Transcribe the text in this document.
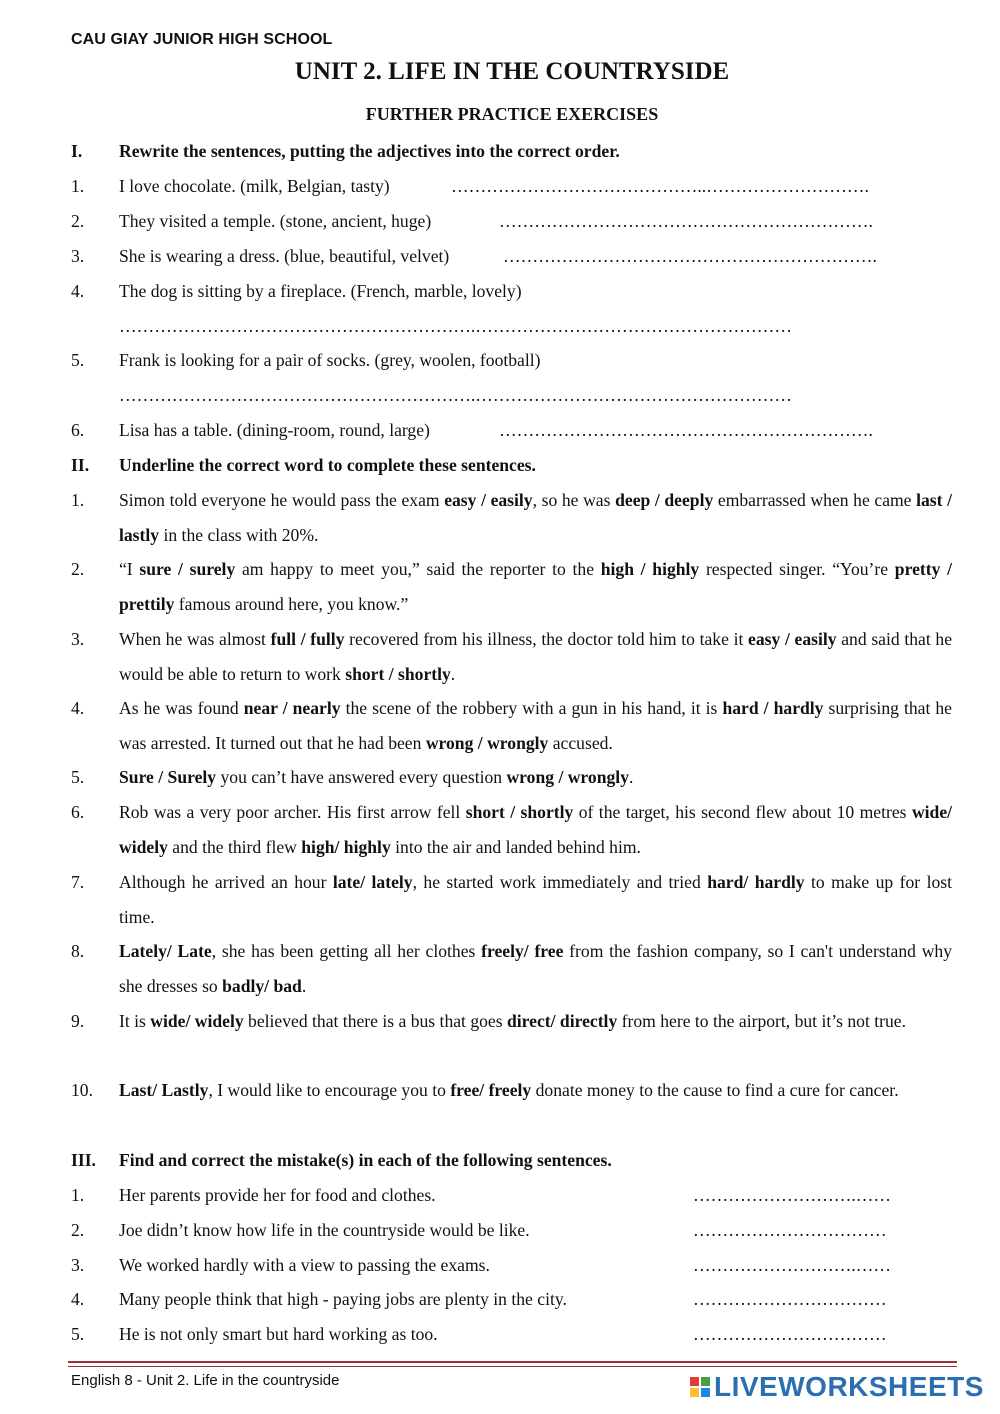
CAU GIAY JUNIOR HIGH SCHOOL
UNIT 2. LIFE IN THE COUNTRYSIDE
FURTHER PRACTICE EXERCISES
I. Rewrite the sentences, putting the adjectives into the correct order.
1. I love chocolate. (milk, Belgian, tasty)	……………………………………..……………………….
2. They visited a temple. (stone, ancient, huge)	……………………………………………………….
3. She is wearing a dress. (blue, beautiful, velvet)	……………………………………………………….
4. The dog is sitting by a fireplace. (French, marble, lovely)
…………………………………………………….………………………………………………
5. Frank is looking for a pair of socks. (grey, woolen, football)
…………………………………………………….………………………………………………
6. Lisa has a table. (dining-room, round, large)	……………………………………………………….
II. Underline the correct word to complete these sentences.
1. Simon told everyone he would pass the exam easy / easily, so he was deep / deeply embarrassed when he came last / lastly in the class with 20%.
2. “I sure / surely am happy to meet you,” said the reporter to the high / highly respected singer. “You’re pretty / prettily famous around here, you know.”
3. When he was almost full / fully recovered from his illness, the doctor told him to take it easy / easily and said that he would be able to return to work short / shortly.
4. As he was found near / nearly the scene of the robbery with a gun in his hand, it is hard / hardly surprising that he was arrested. It turned out that he had been wrong / wrongly accused.
5. Sure / Surely you can’t have answered every question wrong / wrongly.
6. Rob was a very poor archer. His first arrow fell short / shortly of the target, his second flew about 10 metres wide/ widely and the third flew high/ highly into the air and landed behind him.
7. Although he arrived an hour late/ lately, he started work immediately and tried hard/ hardly to make up for lost time.
8. Lately/ Late, she has been getting all her clothes freely/ free from the fashion company, so I can't understand why she dresses so badly/ bad.
9. It is wide/ widely believed that there is a bus that goes direct/ directly from here to the airport, but it’s not true.
10. Last/ Lastly, I would like to encourage you to free/ freely donate money to the cause to find a cure for cancer.
III. Find and correct the mistake(s) in each of the following sentences.
1. Her parents provide her for food and clothes.	……………………….……
2. Joe didn’t know how life in the countryside would be like.	……………………………
3. We worked hardly with a view to passing the exams.	……………………….……
4. Many people think that high - paying jobs are plenty in the city.	……………………………
5. He is not only smart but hard working as too.	……………………………
English 8 - Unit 2. Life in the countryside	LIVEWORKSHEETS
